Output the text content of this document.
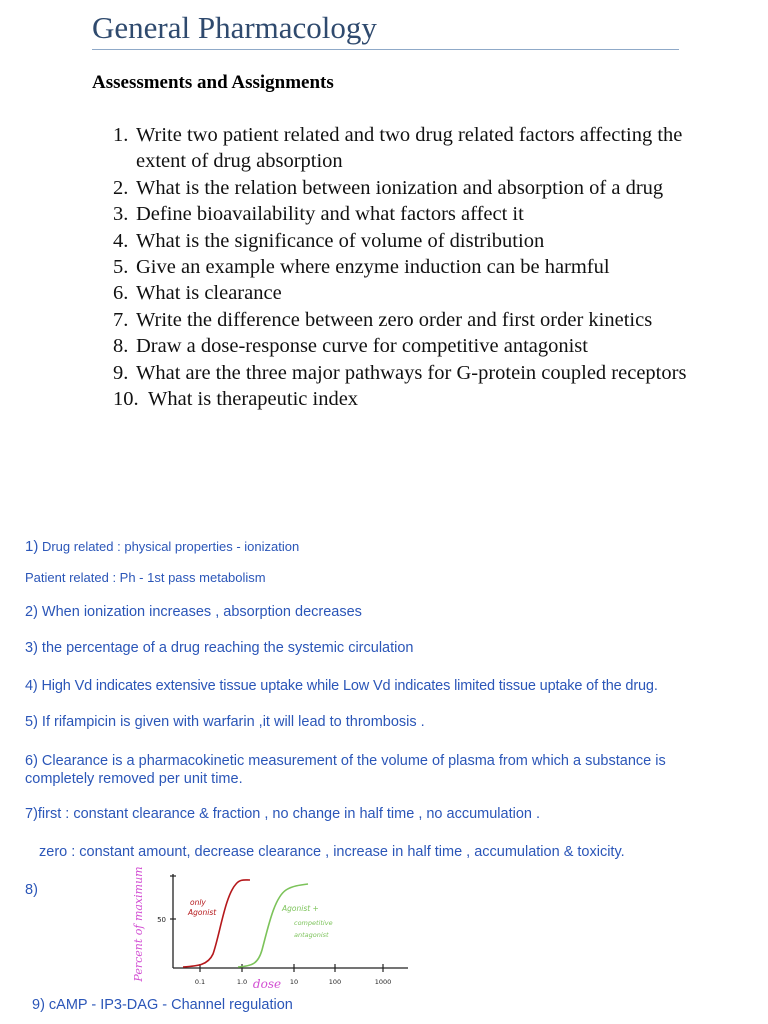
General Pharmacology
Assessments and Assignments
1. Write two patient related and two drug related factors affecting the extent of drug absorption
2. What is the relation between ionization and absorption of a drug
3. Define bioavailability and what factors affect it
4. What is the significance of volume of distribution
5. Give an example where enzyme induction can be harmful
6. What is clearance
7. Write the difference between zero order and first order kinetics
8. Draw a dose-response curve for competitive antagonist
9. What are the three major pathways for G-protein coupled receptors
10. What is therapeutic index

1) Drug related : physical properties - ionization

Patient related : Ph - 1st pass metabolism

2) When ionization increases , absorption decreases

3) the percentage of a drug reaching the systemic circulation

4) High Vd indicates extensive tissue uptake while Low Vd indicates limited tissue uptake of the drug.

5) If rifampicin is given with warfarin ,it will lead to thrombosis .

6) Clearance is a pharmacokinetic measurement of the volume of plasma from which a substance is completely removed per unit time.

7)first : constant clearance & fraction , no change in half time , no accumulation .

zero : constant amount, decrease clearance , increase in half time , accumulation & toxicity.

8)	Percent of maximum 50
0.1	1.0	10	100	1000
dose
only
Agonist	Agonist +
competitive
antagonist

9) cAMP - IP3-DAG - Channel regulation
